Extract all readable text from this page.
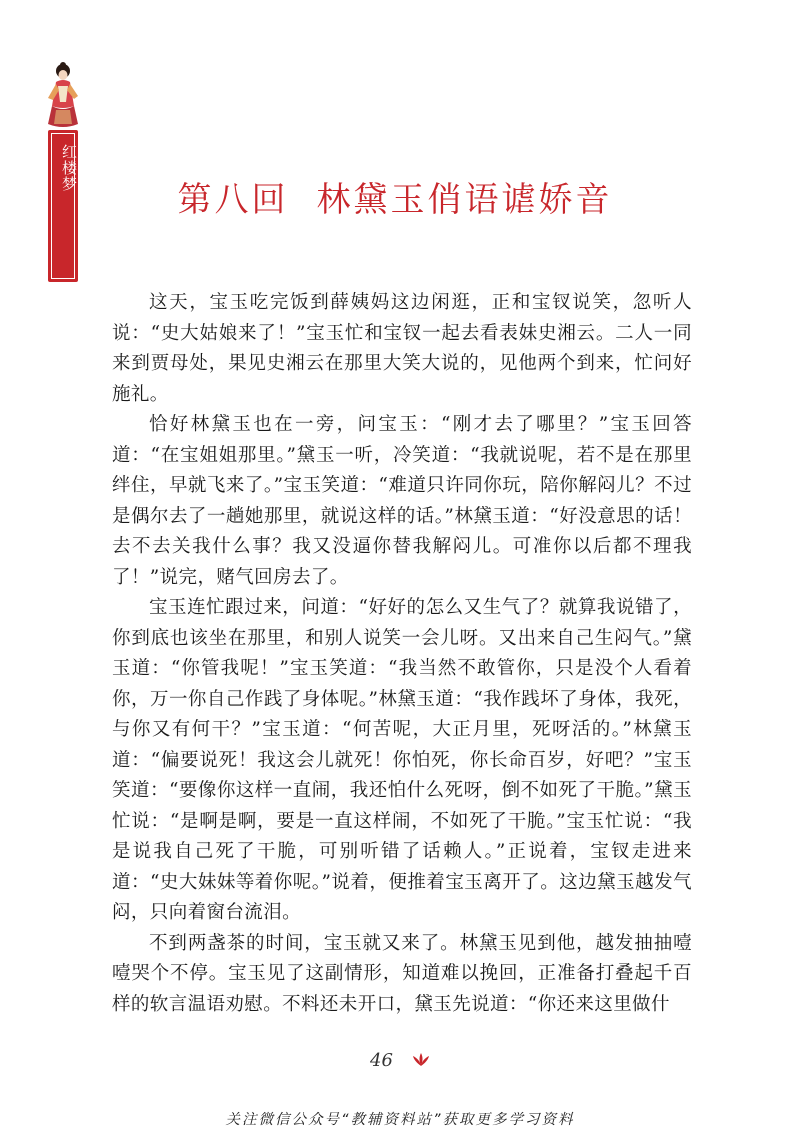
红楼梦
第八回 林黛玉俏语谑娇音

这天，宝玉吃完饭到薛姨妈这边闲逛，正和宝钗说笑，忽听人说：“史大姑娘来了！”宝玉忙和宝钗一起去看表妹史湘云。二人一同来到贾母处，果见史湘云在那里大笑大说的，见他两个到来，忙问好施礼。

恰好林黛玉也在一旁，问宝玉：“刚才去了哪里？”宝玉回答道：“在宝姐姐那里。”黛玉一听，冷笑道：“我就说呢，若不是在那里绊住，早就飞来了。”宝玉笑道：“难道只许同你玩，陪你解闷儿？不过是偶尔去了一趟她那里，就说这样的话。”林黛玉道：“好没意思的话！去不去关我什么事？我又没逼你替我解闷儿。可准你以后都不理我了！”说完，赌气回房去了。

宝玉连忙跟过来，问道：“好好的怎么又生气了？就算我说错了，你到底也该坐在那里，和别人说笑一会儿呀。又出来自己生闷气。”黛玉道：“你管我呢！”宝玉笑道：“我当然不敢管你，只是没个人看着你，万一你自己作践了身体呢。”林黛玉道：“我作践坏了身体，我死，与你又有何干？”宝玉道：“何苦呢，大正月里，死呀活的。”林黛玉道：“偏要说死！我这会儿就死！你怕死，你长命百岁，好吧？”宝玉笑道：“要像你这样一直闹，我还怕什么死呀，倒不如死了干脆。”黛玉忙说：“是啊是啊，要是一直这样闹，不如死了干脆。”宝玉忙说：“我是说我自己死了干脆，可别听错了话赖人。”正说着，宝钗走进来道：“史大妹妹等着你呢。”说着，便推着宝玉离开了。这边黛玉越发气闷，只向着窗台流泪。

不到两盏茶的时间，宝玉就又来了。林黛玉见到他，越发抽抽噎噎哭个不停。宝玉见了这副情形，知道难以挽回，正准备打叠起千百样的软言温语劝慰。不料还未开口，黛玉先说道：“你还来这里做什

46
关注微信公众号“教辅资料站”获取更多学习资料
